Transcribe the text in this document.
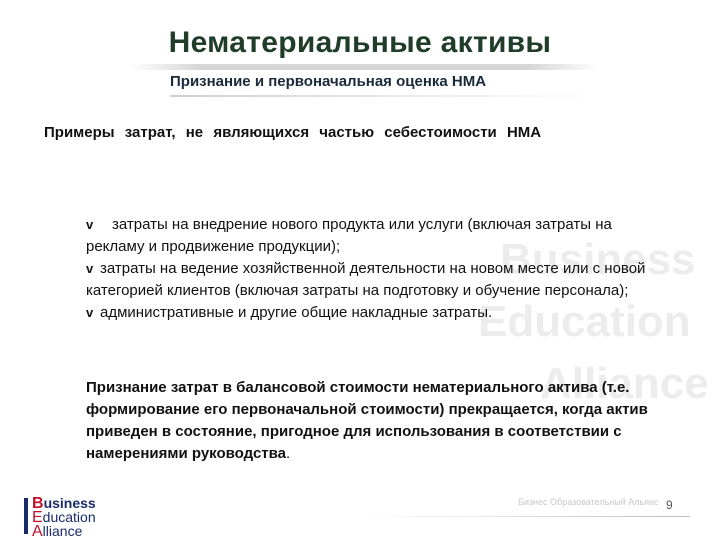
Business
Education
Alliance
Нематериальные активы
Признание и первоначальная оценка НМА
Примеры затрат, не являющихся частью себестоимости НМА

v затраты на внедрение нового продукта или услуги (включая затраты на рекламу и продвижение продукции);

v затраты на ведение хозяйственной деятельности на новом месте или с новой категорией клиентов (включая затраты на подготовку и обучение персонала);

v административные и другие общие накладные затраты.

Признание затрат в балансовой стоимости нематериального актива (т.е. формирование его первоначальной стоимости) прекращается, когда актив приведен в состояние, пригодное для использования в соответствии с намерениями руководства.
Business
Education
Alliance
Бизнес Образовательный Альянс 9
